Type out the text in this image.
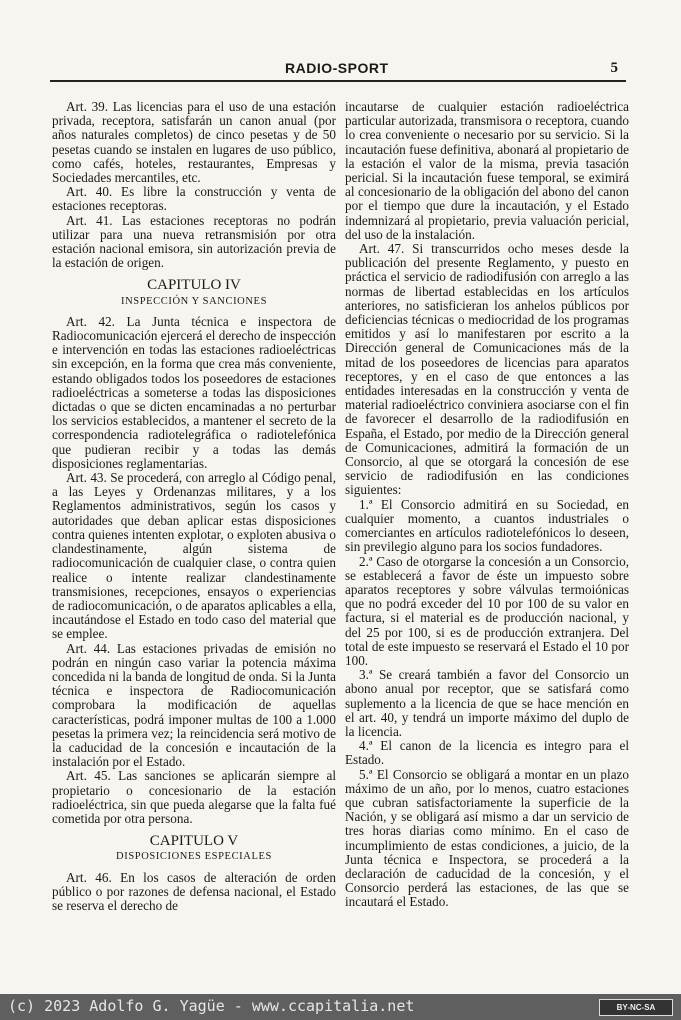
RADIO-SPORT	5

Art. 39. Las licencias para el uso de una estación privada, receptora, satisfarán un canon anual (por años naturales completos) de cinco pesetas y de 50 pesetas cuando se instalen en lugares de uso público, como cafés, hoteles, restaurantes, Empresas y Sociedades mercantiles, etc.

Art. 40. Es libre la construcción y venta de estaciones receptoras.

Art. 41. Las estaciones receptoras no podrán utilizar para una nueva retransmisión por otra estación nacional emisora, sin autorización previa de la estación de origen.

CAPITULO IV

INSPECCIÓN Y SANCIONES

Art. 42. La Junta técnica e inspectora de Radiocomunicación ejercerá el derecho de inspección e intervención en todas las estaciones radioeléctricas sin excepción, en la forma que crea más conveniente, estando obligados todos los poseedores de estaciones radioeléctricas a someterse a todas las disposiciones dictadas o que se dicten encaminadas a no perturbar los servicios establecidos, a mantener el secreto de la correspondencia radiotelegráfica o radiotelefónica que pudieran recibir y a todas las demás disposiciones reglamentarias.

Art. 43. Se procederá, con arreglo al Código penal, a las Leyes y Ordenanzas militares, y a los Reglamentos administrativos, según los casos y autoridades que deban aplicar estas disposiciones contra quienes intenten explotar, o exploten abusiva o clandestinamente, algún sistema de radiocomunicación de cualquier clase, o contra quien realice o intente realizar clandestinamente transmisiones, recepciones, ensayos o experiencias de radiocomunicación, o de aparatos aplicables a ella, incautándose el Estado en todo caso del material que se emplee.

Art. 44. Las estaciones privadas de emisión no podrán en ningún caso variar la potencia máxima concedida ni la banda de longitud de onda. Si la Junta técnica e inspectora de Radiocomunicación comprobara la modificación de aquellas características, podrá imponer multas de 100 a 1.000 pesetas la primera vez; la reincidencia será motivo de la caducidad de la concesión e incautación de la instalación por el Estado.

Art. 45. Las sanciones se aplicarán siempre al propietario o concesionario de la estación radioeléctrica, sin que pueda alegarse que la falta fué cometida por otra persona.

CAPITULO V

DISPOSICIONES ESPECIALES

Art. 46. En los casos de alteración de orden público o por razones de defensa nacional, el Estado se reserva el derecho de

incautarse de cualquier estación radioeléctrica particular autorizada, transmisora o receptora, cuando lo crea conveniente o necesario por su servicio. Si la incautación fuese definitiva, abonará al propietario de la estación el valor de la misma, previa tasación pericial. Si la incautación fuese temporal, se eximirá al concesionario de la obligación del abono del canon por el tiempo que dure la incautación, y el Estado indemnizará al propietario, previa valuación pericial, del uso de la instalación.

Art. 47. Si transcurridos ocho meses desde la publicación del presente Reglamento, y puesto en práctica el servicio de radiodifusión con arreglo a las normas de libertad establecidas en los artículos anteriores, no satisficieran los anhelos públicos por deficiencias técnicas o mediocridad de los programas emitidos y así lo manifestaren por escrito a la Dirección general de Comunicaciones más de la mitad de los poseedores de licencias para aparatos receptores, y en el caso de que entonces a las entidades interesadas en la construcción y venta de material radioeléctrico conviniera asociarse con el fin de favorecer el desarrollo de la radiodifusión en España, el Estado, por medio de la Dirección general de Comunicaciones, admitirá la formación de un Consorcio, al que se otorgará la concesión de ese servicio de radiodifusión en las condiciones siguientes:

1.ª El Consorcio admitirá en su Sociedad, en cualquier momento, a cuantos industriales o comerciantes en artículos radiotelefónicos lo deseen, sin previlegio alguno para los socios fundadores.

2.ª Caso de otorgarse la concesión a un Consorcio, se establecerá a favor de éste un impuesto sobre aparatos receptores y sobre válvulas termoiónicas que no podrá exceder del 10 por 100 de su valor en factura, si el material es de producción nacional, y del 25 por 100, si es de producción extranjera. Del total de este impuesto se reservará el Estado el 10 por 100.

3.ª Se creará también a favor del Consorcio un abono anual por receptor, que se satisfará como suplemento a la licencia de que se hace mención en el art. 40, y tendrá un importe máximo del duplo de la licencia.

4.ª El canon de la licencia es integro para el Estado.

5.ª El Consorcio se obligará a montar en un plazo máximo de un año, por lo menos, cuatro estaciones que cubran satisfactoriamente la superficie de la Nación, y se obligará así mismo a dar un servicio de tres horas diarias como mínimo. En el caso de incumplimiento de estas condiciones, a juicio, de la Junta técnica e Inspectora, se procederá a la declaración de caducidad de la concesión, y el Consorcio perderá las estaciones, de las que se incautará el Estado.

(c) 2023 Adolfo G. Yagüe - www.ccapitalia.net	BY-NC-SA
